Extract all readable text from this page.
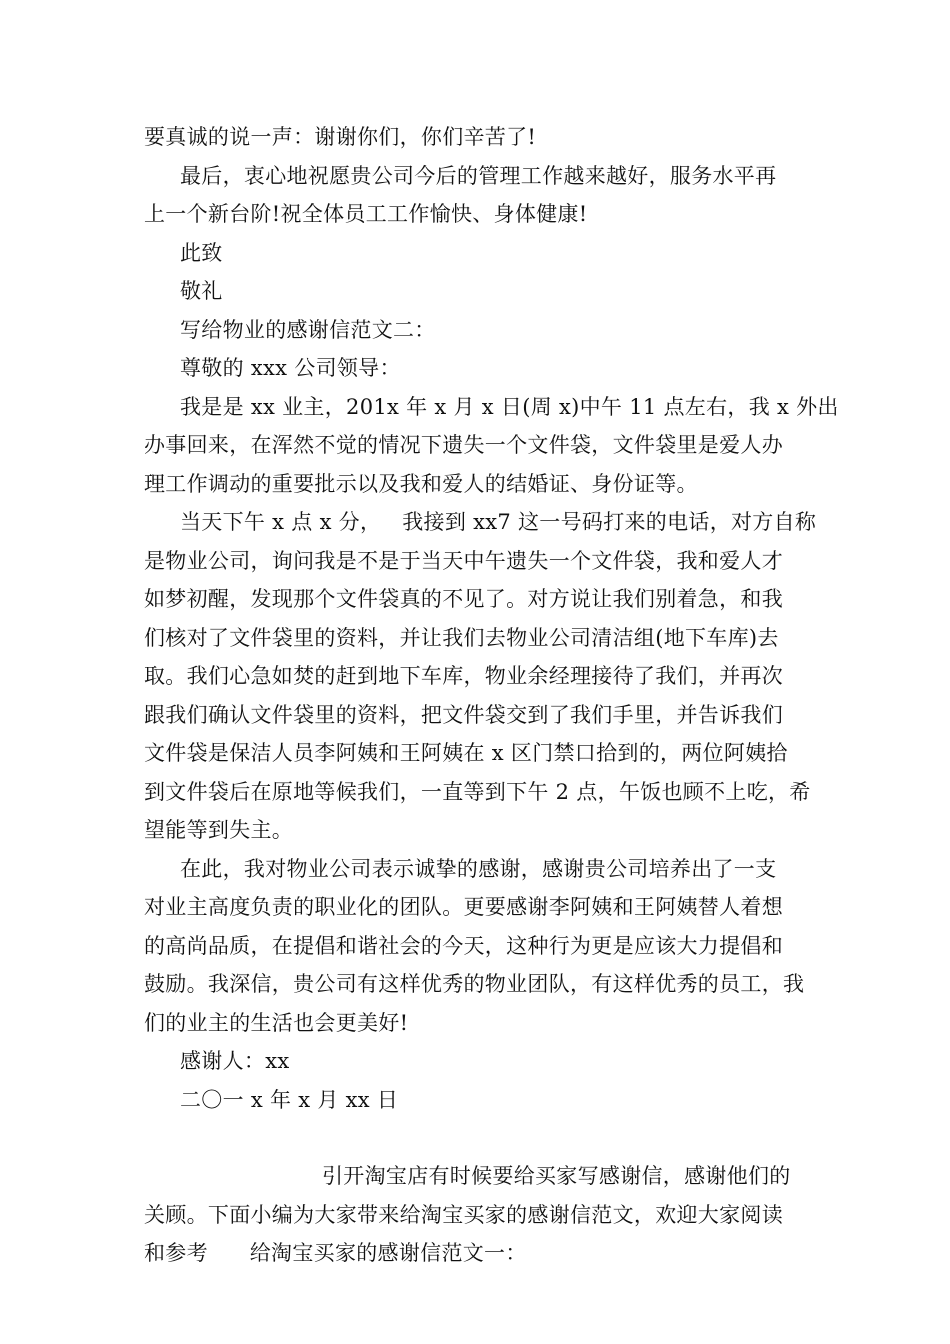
要真诚的说一声：谢谢你们，你们辛苦了!
最后，衷心地祝愿贵公司今后的管理工作越来越好，服务水平再
上一个新台阶!祝全体员工工作愉快、身体健康!
此致
敬礼
写给物业的感谢信范文二：
尊敬的 xxx 公司领导：
我是是 xx 业主，201x 年 x 月 x 日(周 x)中午 11 点左右，我 x 外出
办事回来，在浑然不觉的情况下遗失一个文件袋，文件袋里是爱人办
理工作调动的重要批示以及我和爱人的结婚证、身份证等。
当天下午 x 点 x 分，   我接到 xx7 这一号码打来的电话，对方自称
是物业公司，询问我是不是于当天中午遗失一个文件袋，我和爱人才
如梦初醒，发现那个文件袋真的不见了。对方说让我们别着急，和我
们核对了文件袋里的资料，并让我们去物业公司清洁组(地下车库)去
取。我们心急如焚的赶到地下车库，物业余经理接待了我们，并再次
跟我们确认文件袋里的资料，把文件袋交到了我们手里，并告诉我们
文件袋是保洁人员李阿姨和王阿姨在 x 区门禁口拾到的，两位阿姨拾
到文件袋后在原地等候我们，一直等到下午 2 点，午饭也顾不上吃，希
望能等到失主。
在此，我对物业公司表示诚挚的感谢，感谢贵公司培养出了一支
对业主高度负责的职业化的团队。更要感谢李阿姨和王阿姨替人着想
的高尚品质，在提倡和谐社会的今天，这种行为更是应该大力提倡和
鼓励。我深信，贵公司有这样优秀的物业团队，有这样优秀的员工，我
们的业主的生活也会更美好!
感谢人：xx
二〇一 x 年 x 月 xx 日
引开淘宝店有时候要给买家写感谢信，感谢他们的
关顾。下面小编为大家带来给淘宝买家的感谢信范文，欢迎大家阅读
和参考      给淘宝买家的感谢信范文一：
